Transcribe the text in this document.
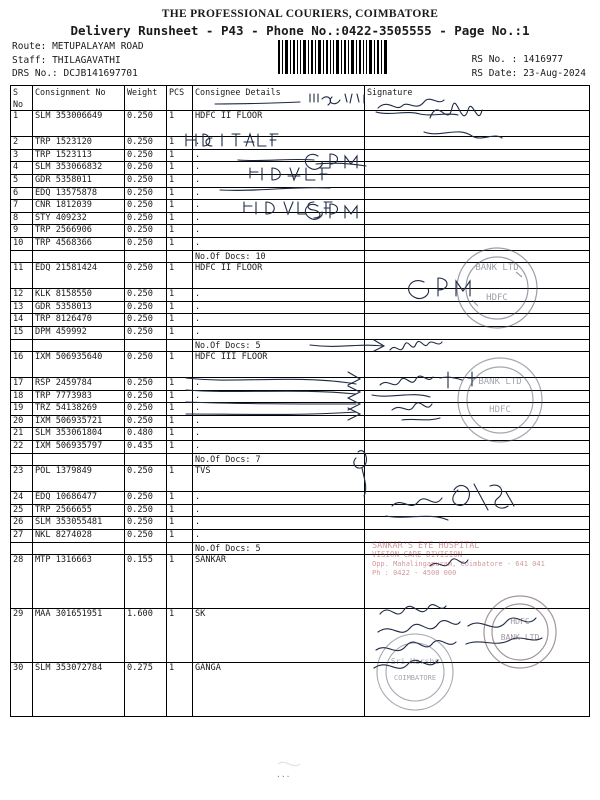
THE PROFESSIONAL COURIERS, COIMBATORE
Delivery Runsheet - P43 - Phone No.:0422-3505555 - Page No.:1
Route: METUPALAYAM ROAD
Staff: THILAGAVATHI
DRS No.: DCJB141697701
RS No. : 1416977
RS Date: 23-Aug-2024
S No	Consignment No	Weight	PCS	Consignee Details	Signature
1	SLM 353006649	0.250	1	HDFC II FLOOR	
2	TRP 1523120	0.250	1	.	
3	TRP 1523113	0.250	1	.	
4	SLM 353066832	0.250	1	.	
5	GDR 5358011	0.250	1	.	
6	EDQ 13575878	0.250	1	.	
7	CNR 1812039	0.250	1	.	
8	STY 409232	0.250	1	.	
9	TRP 2566906	0.250	1	.	
10	TRP 4568366	0.250	1	.	
				No.Of Docs: 10	
11	EDQ 21581424	0.250	1	HDFC II FLOOR	
12	KLK 8158550	0.250	1	.	
13	GDR 5358013	0.250	1	.	
14	TRP 8126470	0.250	1	.	
15	DPM 459992	0.250	1	.	
				No.Of Docs: 5	
16	IXM 506935640	0.250	1	HDFC III FLOOR	
17	RSP 2459784	0.250	1	.	
18	TRP 7773983	0.250	1	.	
19	TRZ 54138269	0.250	1	.	
20	IXM 506935721	0.250	1	.	
21	SLM 353061804	0.480	1	.	
22	IXM 506935797	0.435	1	.	
				No.Of Docs: 7	
23	POL 1379849	0.250	1	TVS	
24	EDQ 10686477	0.250	1	.	
25	TRP 2566655	0.250	1	.	
26	SLM 353055481	0.250	1	.	
27	NKL 8274028	0.250	1	.	
				No.Of Docs: 5	
28	MTP 1316663	0.155	1	SANKAR	
29	MAA 301651951	1.600	1	SK	
30	SLM 353072784	0.275	1	GANGA	
...
BANK LTD
HDFC
BANK LTD
HDFC
HDFC
BANK LTD
Sri Harsha
COIMBATORE
SANKAR'S EYE HOSPITAL
VISION CARE DIVISION
Opp. Mahalingapuram, Coimbatore - 641 041
Ph : 0422 - 4500 000
